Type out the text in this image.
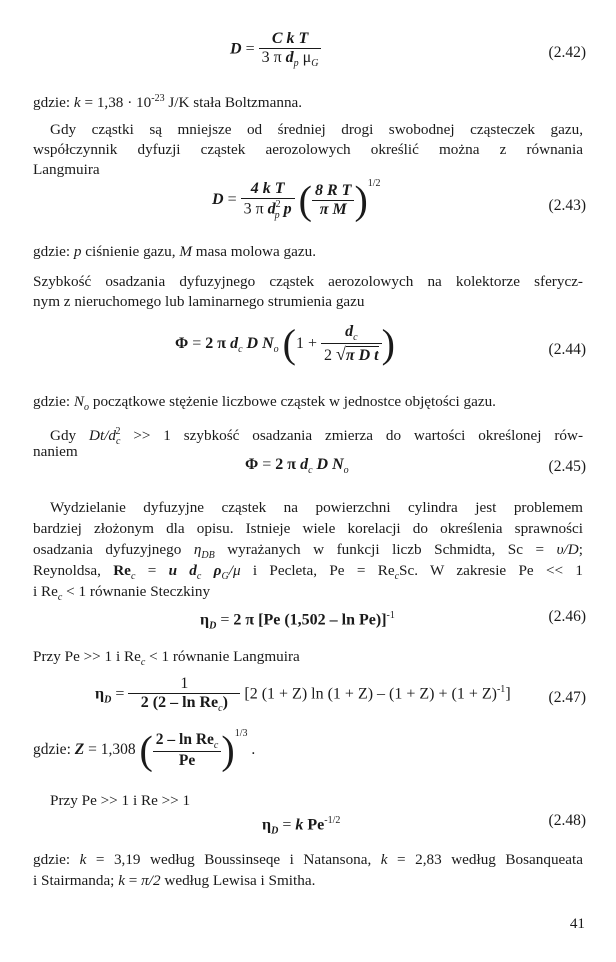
$D = \frac{\text{C k T}}{3 \pi d_p \mu_G}$	(2.42)
gdzie: $k = 1,38 \cdot 10^{-23}$ J/K stała Boltzmanna.
Gdy cząstki są mniejsze od średniej drogi swobodnej cząsteczek gazu,
współczynnik dyfuzji cząstek aerozolowych określić można z równania
Langmuira
$D = \frac{\text{4 k T}}{3 \pi d^2_p p}$ ( $\frac{\text{8 R T}}{\text{π M}} )^{1/2}$
(2.43)
gdzie: p ciśnienie gazu, M masa molowa gazu.
Szybkość osadzania dyfuzyjnego cząstek aerozolowych na kolektorze sferycz-
nym z nieruchomego lub laminarnego strumienia gazu
Φ = 2 π $d_c$ D $N_o$ ($1 + \frac{d_c}{\text{2 √π D t}}$ )	(2.44)
gdzie: $N_o$ początkowe stężenie liczbowe cząstek w jednostce objętości gazu.
Gdy $Dt/d_c^2 >> 1$ szybkość osadzania zmierza do wartości określonej rów-
naniem
Φ = 2 π $d_c$ D $N_o$	(2.45)
Wydzielanie dyfuzyjne cząstek na powierzchni cylindra jest problemem
bardziej złożonym dla opisu. Istnieje wiele korelacji do określenia sprawności
osadzania dyfuzyjnego $\eta_{DB}$ wyrażanych w funkcji liczb Schmidta, Sc = υ/D;
Reynoldsa, $Re_c = u$ $d_c$ $\rho_G/\mu$ i Pecleta, $Pe = Re_cSc$. W zakresie Pe << 1
i $Re_c < 1$ równanie Steczkiny
$\eta_D = 2$ π [Pe (1,502 – ln Pe)]$^{-1}$	(2.46)
Przy Pe >> 1 i $Re_c < 1$ równanie Langmuira
$\eta_D = \frac{1}{2 (2 - \ln Re_c)} [2$ (1 + Z) $\ln (1 + Z) - (1 + Z) + (1 + Z)^{-1}$] (2.47)
gdzie: Z = 1,308 ( $\frac{2 - \ln Re_c}{Pe} )^{1/3}$ .
Przy Pe >> 1 i Re >> 1
$\eta_D = k$ $Pe^{-1/2}$	(2.48)
gdzie: k = 3,19 według Boussinseqe i Natansona, k = 2,83 według Bosanqueata
i Stairmanda; k = π/2 według Lewisa i Smitha.
41
